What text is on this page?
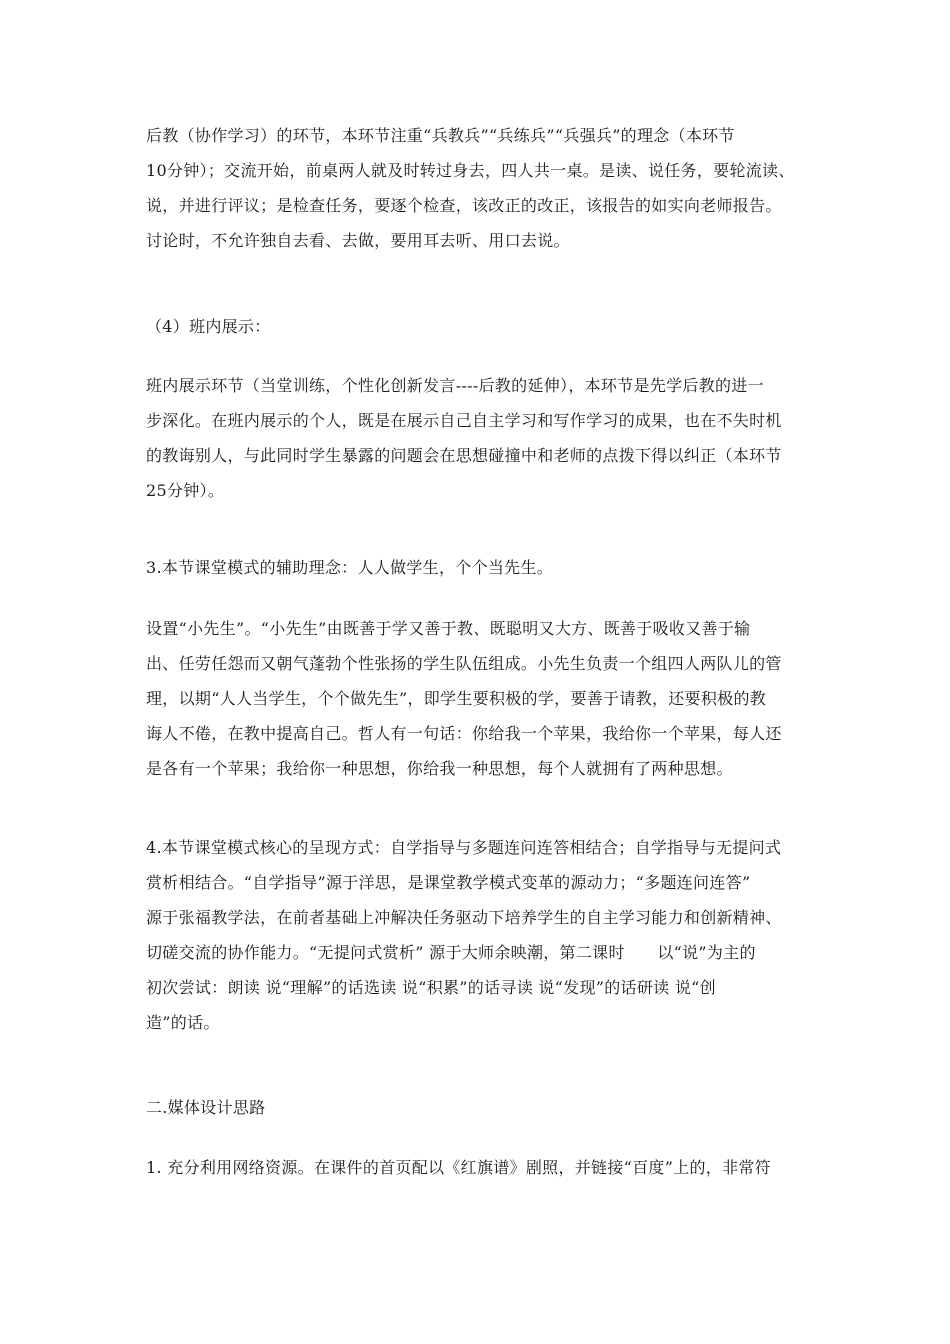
后教（协作学习）的环节，本环节注重“兵教兵”“兵练兵”“兵强兵”的理念（本环节
10分钟）；交流开始，前桌两人就及时转过身去，四人共一桌。是读、说任务，要轮流读、
说，并进行评议；是检查任务，要逐个检查，该改正的改正，该报告的如实向老师报告。
讨论时，不允许独自去看、去做，要用耳去听、用口去说。

（4）班内展示：

班内展示环节（当堂训练，个性化创新发言----后教的延伸），本环节是先学后教的进一
步深化。在班内展示的个人，既是在展示自己自主学习和写作学习的成果，也在不失时机
的教诲别人，与此同时学生暴露的问题会在思想碰撞中和老师的点拨下得以纠正（本环节
25分钟）。

3.本节课堂模式的辅助理念：人人做学生，个个当先生。

设置“小先生”。“小先生”由既善于学又善于教、既聪明又大方、既善于吸收又善于输
出、任劳任怨而又朝气蓬勃个性张扬的学生队伍组成。小先生负责一个组四人两队儿的管
理，以期“人人当学生，个个做先生”，即学生要积极的学，要善于请教，还要积极的教
诲人不倦，在教中提高自己。哲人有一句话：你给我一个苹果，我给你一个苹果，每人还
是各有一个苹果；我给你一种思想，你给我一种思想，每个人就拥有了两种思想。

4.本节课堂模式核心的呈现方式：自学指导与多题连问连答相结合；自学指导与无提问式
赏析相结合。“自学指导”源于洋思，是课堂教学模式变革的源动力；“多题连问连答”
源于张福教学法，在前者基础上冲解决任务驱动下培养学生的自主学习能力和创新精神、
切磋交流的协作能力。“无提问式赏析” 源于大师余映潮，第二课时　　以“说”为主的
初次尝试：朗读 说“理解”的话选读 说“积累”的话寻读 说“发现”的话研读 说“创
造”的话。

二.媒体设计思路

1. 充分利用网络资源。在课件的首页配以《红旗谱》剧照，并链接“百度”上的，非常符
